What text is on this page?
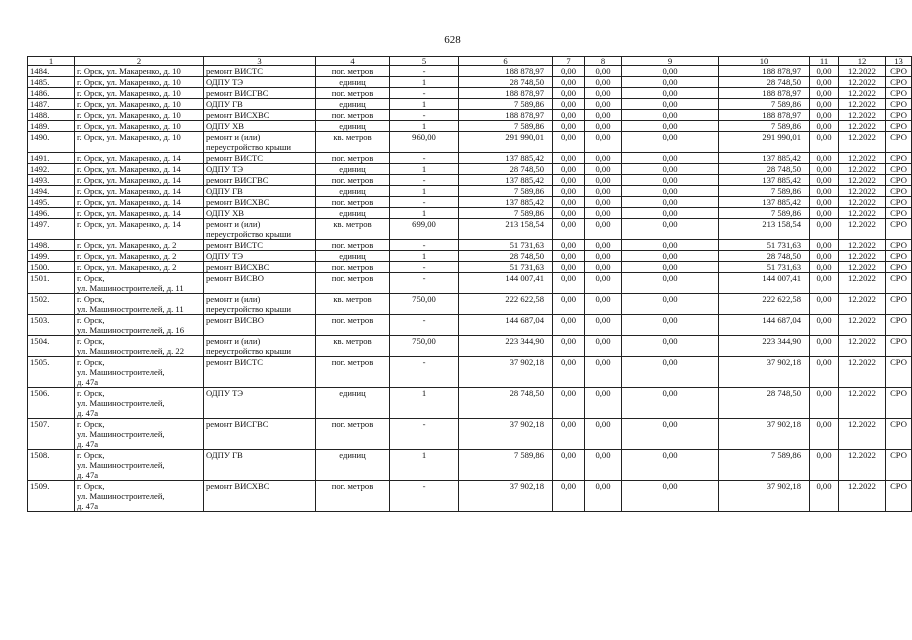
628
1	2	3	4	5	6	7	8	9	10	11	12	13
1484.	г. Орск, ул. Макаренко, д. 10	ремонт ВИСТС	пог. метров	-	188 878,97	0,00	0,00	0,00	188 878,97	0,00	12.2022	СРО
1485.	г. Орск, ул. Макаренко, д. 10	ОДПУ ТЭ	единиц	1	28 748,50	0,00	0,00	0,00	28 748,50	0,00	12.2022	СРО
1486.	г. Орск, ул. Макаренко, д. 10	ремонт ВИСГВС	пог. метров	-	188 878,97	0,00	0,00	0,00	188 878,97	0,00	12.2022	СРО
1487.	г. Орск, ул. Макаренко, д. 10	ОДПУ ГВ	единиц	1	7 589,86	0,00	0,00	0,00	7 589,86	0,00	12.2022	СРО
1488.	г. Орск, ул. Макаренко, д. 10	ремонт ВИСХВС	пог. метров	-	188 878,97	0,00	0,00	0,00	188 878,97	0,00	12.2022	СРО
1489.	г. Орск, ул. Макаренко, д. 10	ОДПУ ХВ	единиц	1	7 589,86	0,00	0,00	0,00	7 589,86	0,00	12.2022	СРО
1490.	г. Орск, ул. Макаренко, д. 10	ремонт и (или)
переустройство крыши	кв. метров	960,00	291 990,01	0,00	0,00	0,00	291 990,01	0,00	12.2022	СРО
1491.	г. Орск, ул. Макаренко, д. 14	ремонт ВИСТС	пог. метров	-	137 885,42	0,00	0,00	0,00	137 885,42	0,00	12.2022	СРО
1492.	г. Орск, ул. Макаренко, д. 14	ОДПУ ТЭ	единиц	1	28 748,50	0,00	0,00	0,00	28 748,50	0,00	12.2022	СРО
1493.	г. Орск, ул. Макаренко, д. 14	ремонт ВИСГВС	пог. метров	-	137 885,42	0,00	0,00	0,00	137 885,42	0,00	12.2022	СРО
1494.	г. Орск, ул. Макаренко, д. 14	ОДПУ ГВ	единиц	1	7 589,86	0,00	0,00	0,00	7 589,86	0,00	12.2022	СРО
1495.	г. Орск, ул. Макаренко, д. 14	ремонт ВИСХВС	пог. метров	-	137 885,42	0,00	0,00	0,00	137 885,42	0,00	12.2022	СРО
1496.	г. Орск, ул. Макаренко, д. 14	ОДПУ ХВ	единиц	1	7 589,86	0,00	0,00	0,00	7 589,86	0,00	12.2022	СРО
1497.	г. Орск, ул. Макаренко, д. 14	ремонт и (или)
переустройство крыши	кв. метров	699,00	213 158,54	0,00	0,00	0,00	213 158,54	0,00	12.2022	СРО
1498.	г. Орск, ул. Макаренко, д. 2	ремонт ВИСТС	пог. метров	-	51 731,63	0,00	0,00	0,00	51 731,63	0,00	12.2022	СРО
1499.	г. Орск, ул. Макаренко, д. 2	ОДПУ ТЭ	единиц	1	28 748,50	0,00	0,00	0,00	28 748,50	0,00	12.2022	СРО
1500.	г. Орск, ул. Макаренко, д. 2	ремонт ВИСХВС	пог. метров	-	51 731,63	0,00	0,00	0,00	51 731,63	0,00	12.2022	СРО
1501.	г. Орск,
ул. Машиностроителей, д. 11	ремонт ВИСВО	пог. метров	-	144 007,41	0,00	0,00	0,00	144 007,41	0,00	12.2022	СРО
1502.	г. Орск,
ул. Машиностроителей, д. 11	ремонт и (или)
переустройство крыши	кв. метров	750,00	222 622,58	0,00	0,00	0,00	222 622,58	0,00	12.2022	СРО
1503.	г. Орск,
ул. Машиностроителей, д. 16	ремонт ВИСВО	пог. метров	-	144 687,04	0,00	0,00	0,00	144 687,04	0,00	12.2022	СРО
1504.	г. Орск,
ул. Машиностроителей, д. 22	ремонт и (или)
переустройство крыши	кв. метров	750,00	223 344,90	0,00	0,00	0,00	223 344,90	0,00	12.2022	СРО
1505.	г. Орск,
ул. Машиностроителей,
д. 47а	ремонт ВИСТС	пог. метров	-	37 902,18	0,00	0,00	0,00	37 902,18	0,00	12.2022	СРО
1506.	г. Орск,
ул. Машиностроителей,
д. 47а	ОДПУ ТЭ	единиц	1	28 748,50	0,00	0,00	0,00	28 748,50	0,00	12.2022	СРО
1507.	г. Орск,
ул. Машиностроителей,
д. 47а	ремонт ВИСГВС	пог. метров	-	37 902,18	0,00	0,00	0,00	37 902,18	0,00	12.2022	СРО
1508.	г. Орск,
ул. Машиностроителей,
д. 47а	ОДПУ ГВ	единиц	1	7 589,86	0,00	0,00	0,00	7 589,86	0,00	12.2022	СРО
1509.	г. Орск,
ул. Машиностроителей,
д. 47а	ремонт ВИСХВС	пог. метров	-	37 902,18	0,00	0,00	0,00	37 902,18	0,00	12.2022	СРО
